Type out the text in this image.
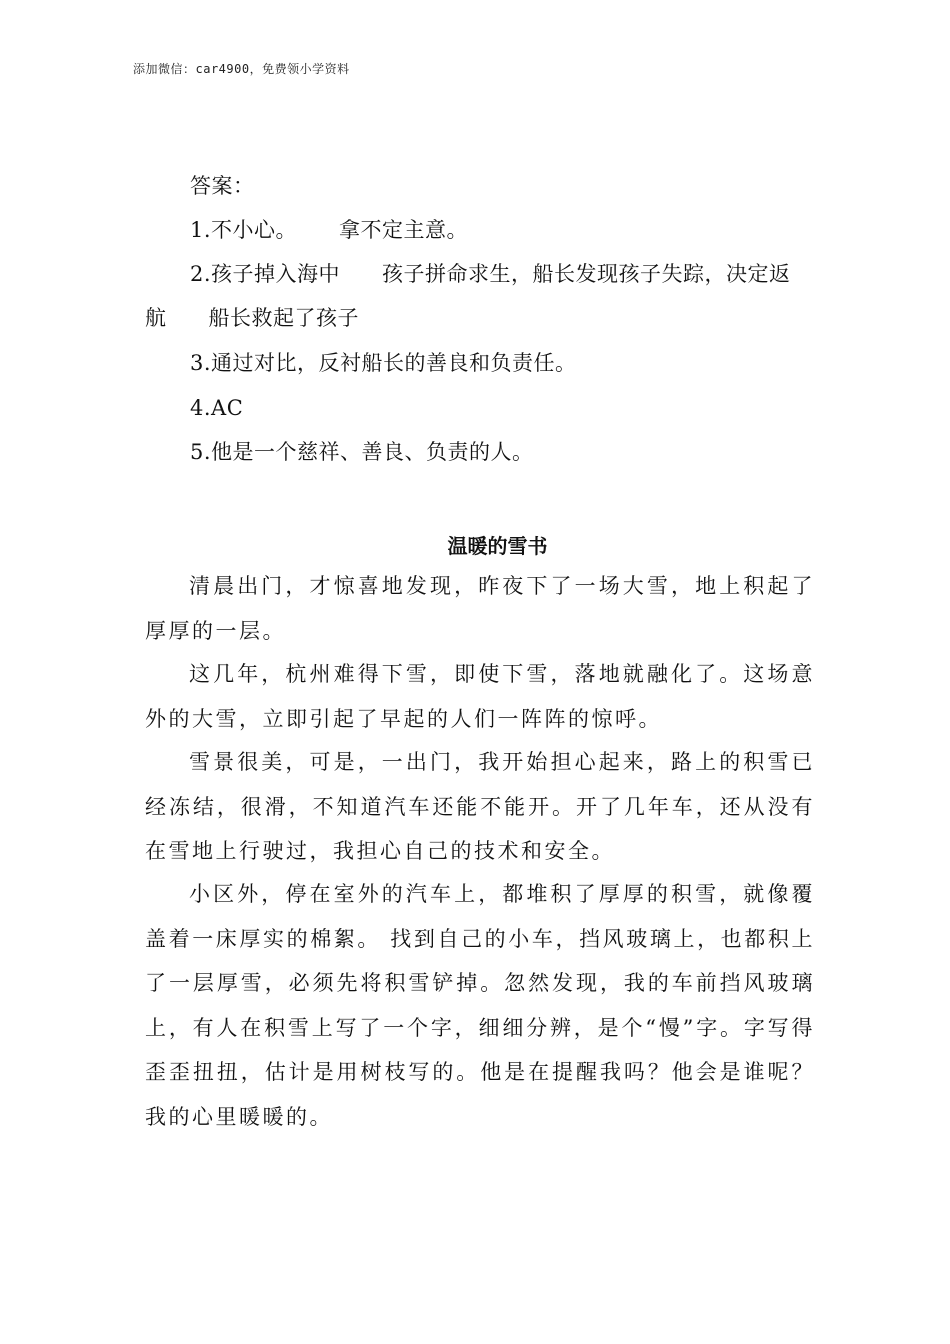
添加微信：car4900，免费领小学资料
答案：
1.不小心。 拿不定主意。
2.孩子掉入海中 孩子拼命求生，船长发现孩子失踪，决定返
航 船长救起了孩子
3.通过对比，反衬船长的善良和负责任。
4.AC
5.他是一个慈祥、善良、负责的人。
温暖的雪书
清晨出门，才惊喜地发现，昨夜下了一场大雪，地上积起了厚厚的一层。
这几年，杭州难得下雪，即使下雪，落地就融化了。这场意外的大雪，立即引起了早起的人们一阵阵的惊呼。
雪景很美，可是，一出门，我开始担心起来，路上的积雪已经冻结，很滑，不知道汽车还能不能开。开了几年车，还从没有在雪地上行驶过，我担心自己的技术和安全。
小区外，停在室外的汽车上，都堆积了厚厚的积雪，就像覆盖着一床厚实的棉絮。 找到自己的小车，挡风玻璃上，也都积上了一层厚雪，必须先将积雪铲掉。忽然发现，我的车前挡风玻璃上，有人在积雪上写了一个字，细细分辨，是个“慢”字。字写得歪歪扭扭，估计是用树枝写的。他是在提醒我吗？他会是谁呢？我的心里暖暖的。
